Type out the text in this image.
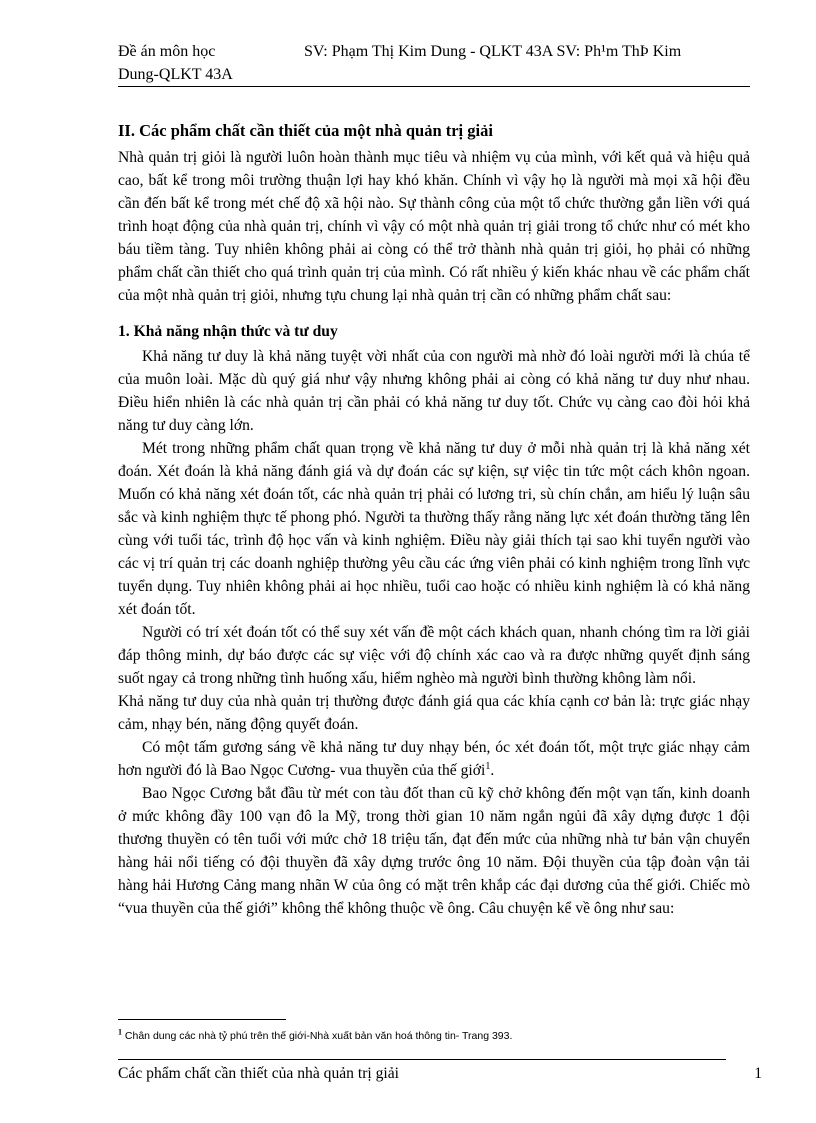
Đề án môn học
Dung-QLKT 43A
SV: Phạm Thị Kim Dung - QLKT 43A SV: Ph¹m ThÞ Kim
II. Các phẩm chất cần thiết của một nhà quản trị giải

Nhà quản trị giỏi là người luôn hoàn thành mục tiêu và nhiệm vụ của mình, với kết quả và hiệu quả cao, bất kể trong môi trường thuận lợi hay khó khăn. Chính vì vậy họ là người mà mọi xã hội đều cần đến bất kể trong mét chế độ xã hội nào. Sự thành công của một tổ chức thường gắn liền với quá trình hoạt động của nhà quản trị, chính vì vậy có một nhà quản trị giải trong tổ chức như có mét kho báu tiềm tàng. Tuy nhiên không phải ai còng có thể trở thành nhà quản trị giỏi, họ phải có những phẩm chất cần thiết cho quá trình quản trị của mình. Có rất nhiều ý kiến khác nhau về các phẩm chất của một nhà quản trị giỏi, nhưng tựu chung lại nhà quản trị cần có những phẩm chất sau:

1. Khả năng nhận thức và tư duy

Khả năng tư duy là khả năng tuyệt vời nhất của con người mà nhờ đó loài người mới là chúa tể của muôn loài. Mặc dù quý giá như vậy nhưng không phải ai còng có khả năng tư duy như nhau. Điều hiển nhiên là các nhà quản trị cần phải có khả năng tư duy tốt. Chức vụ càng cao đòi hỏi khả năng tư duy càng lớn.

Mét trong những phẩm chất quan trọng về khả năng tư duy ở mỗi nhà quản trị là khả năng xét đoán. Xét đoán là khả năng đánh giá và dự đoán các sự kiện, sự việc tin tức một cách khôn ngoan. Muốn có khả năng xét đoán tốt, các nhà quản trị phải có lương tri, sù chín chắn, am hiểu lý luận sâu sắc và kinh nghiệm thực tế phong phó. Người ta thường thấy rằng năng lực xét đoán thường tăng lên cùng với tuổi tác, trình độ học vấn và kinh nghiệm. Điều này giải thích tại sao khi tuyển người vào các vị trí quản trị các doanh nghiệp thường yêu cầu các ứng viên phải có kinh nghiệm trong lĩnh vực tuyển dụng. Tuy nhiên không phải ai học nhiều, tuổi cao hoặc có nhiều kinh nghiệm là có khả năng xét đoán tốt.

Người có trí xét đoán tốt có thể suy xét vấn đề một cách khách quan, nhanh chóng tìm ra lời giải đáp thông minh, dự báo được các sự việc với độ chính xác cao và ra được những quyết định sáng suốt ngay cả trong những tình huống xấu, hiểm nghèo mà người bình thường không làm nổi.

Khả năng tư duy của nhà quản trị thường được đánh giá qua các khía cạnh cơ bản là: trực giác nhạy cảm, nhạy bén, năng động quyết đoán.

Có một tấm gương sáng về khả năng tư duy nhạy bén, óc xét đoán tốt, một trực giác nhạy cảm hơn người đó là Bao Ngọc Cương- vua thuyền của thế giới$^1$.

Bao Ngọc Cương bắt đầu từ mét con tàu đốt than cũ kỹ chở không đến một vạn tấn, kinh doanh ở mức không đầy 100 vạn đô la Mỹ, trong thời gian 10 năm ngắn ngủi đã xây dựng được 1 đội thương thuyền có tên tuổi với mức chở 18 triệu tấn, đạt đến mức của những nhà tư bản vận chuyển hàng hải nổi tiếng có đội thuyền đã xây dựng trước ông 10 năm. Đội thuyền của tập đoàn vận tải hàng hải Hương Cảng mang nhãn W của ông có mặt trên khắp các đại dương của thế giới. Chiếc mò “vua thuyền của thế giới” không thể không thuộc về ông. Câu chuyện kể về ông như sau:

$^1$ Chân dung các nhà tỷ phú trên thế giới-Nhà xuất bản văn hoá thông tin- Trang 393.
Các phẩm chất cần thiết của nhà quản trị giải	1
